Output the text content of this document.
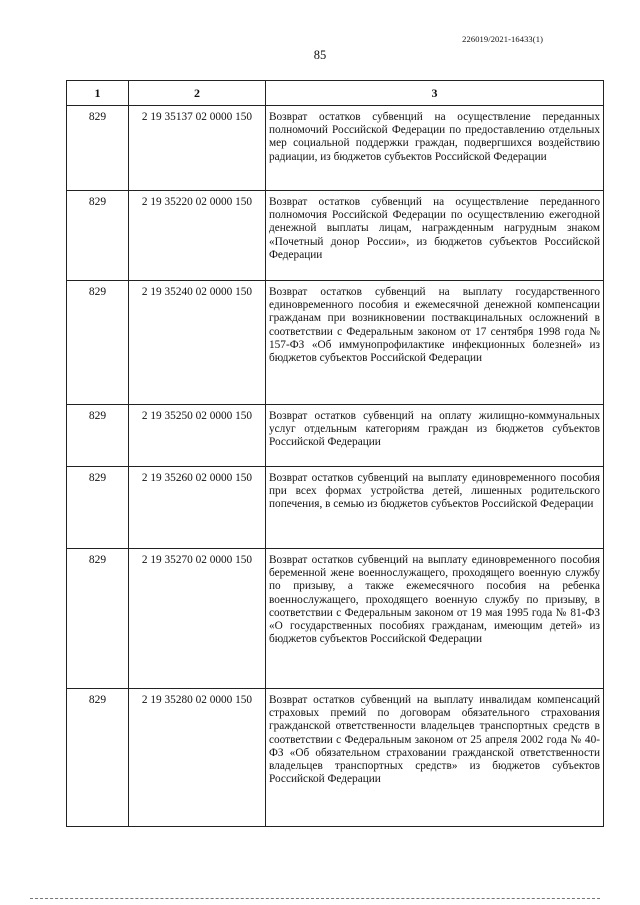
226019/2021-16433(1)
85
1	2	3
829	2 19 35137 02 0000 150	Возврат остатков субвенций на осуществление переданных полномочий Российской Федерации по предоставлению отдельных мер социальной поддержки граждан, подвергшихся воздействию радиации, из бюджетов субъектов Российской Федерации
829	2 19 35220 02 0000 150	Возврат остатков субвенций на осуществление переданного полномочия Российской Федерации по осуществлению ежегодной денежной выплаты лицам, награжденным нагрудным знаком «Почетный донор России», из бюджетов субъектов Российской Федерации
829	2 19 35240 02 0000 150	Возврат остатков субвенций на выплату государственного единовременного пособия и ежемесячной денежной компенсации гражданам при возникновении поствакцинальных осложнений в соответствии с Федеральным законом от 17 сентября 1998 года № 157-ФЗ «Об иммунопрофилактике инфекционных болезней» из бюджетов субъектов Российской Федерации
829	2 19 35250 02 0000 150	Возврат остатков субвенций на оплату жилищно-коммунальных услуг отдельным категориям граждан из бюджетов субъектов Российской Федерации
829	2 19 35260 02 0000 150	Возврат остатков субвенций на выплату единовременного пособия при всех формах устройства детей, лишенных родительского попечения, в семью из бюджетов субъектов Российской Федерации
829	2 19 35270 02 0000 150	Возврат остатков субвенций на выплату единовременного пособия беременной жене военнослужащего, проходящего военную службу по призыву, а также ежемесячного пособия на ребенка военнослужащего, проходящего военную службу по призыву, в соответствии с Федеральным законом от 19 мая 1995 года № 81-ФЗ «О государственных пособиях гражданам, имеющим детей» из бюджетов субъектов Российской Федерации
829	2 19 35280 02 0000 150	Возврат остатков субвенций на выплату инвалидам компенсаций страховых премий по договорам обязательного страхования гражданской ответственности владельцев транспортных средств в соответствии с Федеральным законом от 25 апреля 2002 года № 40-ФЗ «Об обязательном страховании гражданской ответственности владельцев транспортных средств» из бюджетов субъектов Российской Федерации
